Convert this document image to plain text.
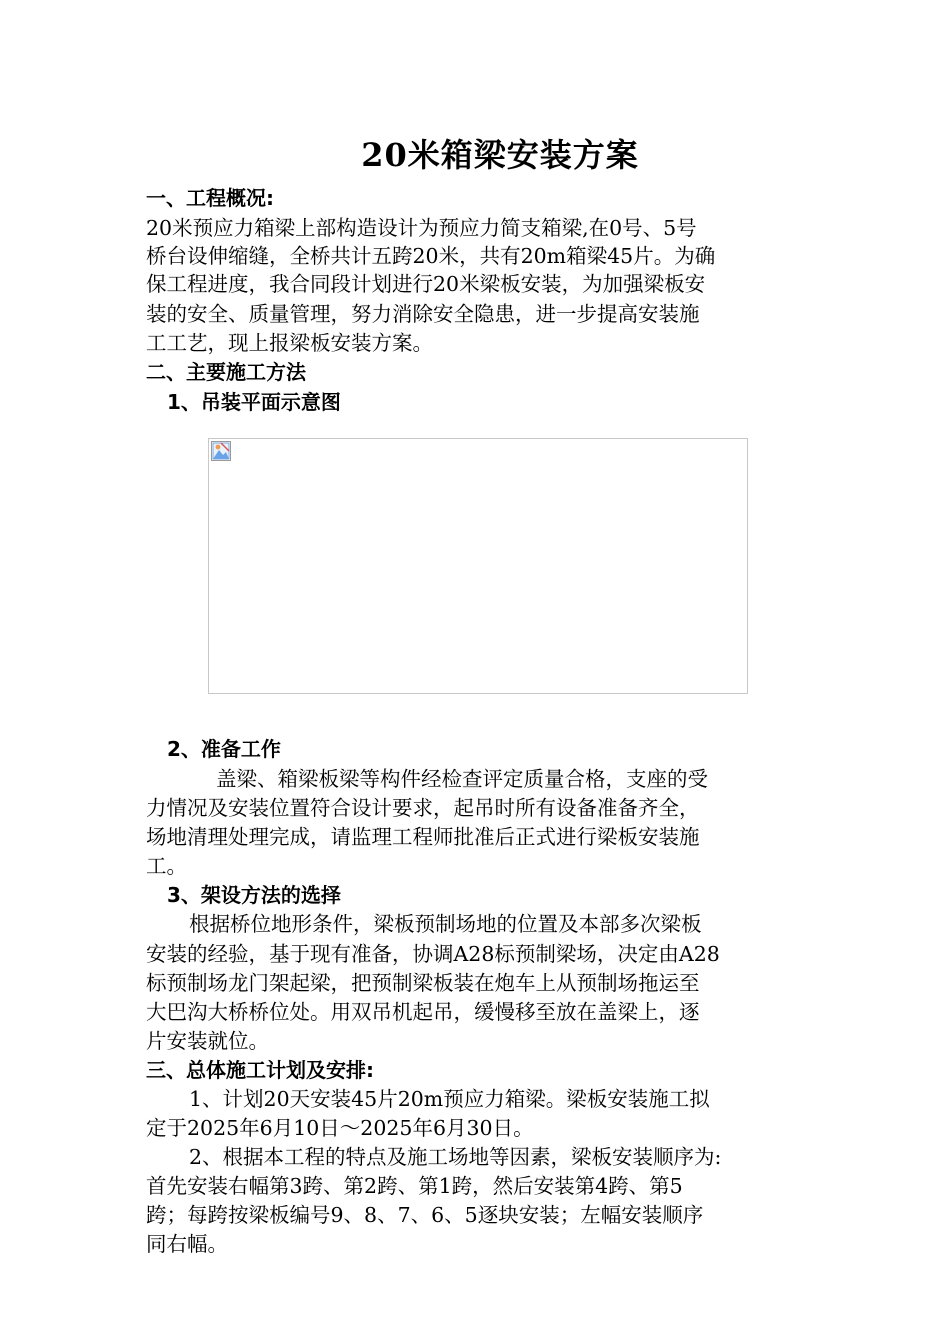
20米箱梁安装方案
一、工程概况:
20米预应力箱梁上部构造设计为预应力简支箱梁,在0号、5号
桥台设伸缩缝，全桥共计五跨20米，共有20m箱梁45片。为确
保工程进度，我合同段计划进行20米梁板安装，为加强梁板安
装的安全、质量管理，努力消除安全隐患，进一步提高安装施
工工艺，现上报梁板安装方案。
二、主要施工方法
1、吊装平面示意图
2、准备工作
盖梁、箱梁板梁等构件经检查评定质量合格，支座的受
力情况及安装位置符合设计要求，起吊时所有设备准备齐全，
场地清理处理完成，请监理工程师批准后正式进行梁板安装施
工。
3、架设方法的选择
根据桥位地形条件，梁板预制场地的位置及本部多次梁板
安装的经验，基于现有准备，协调A28标预制梁场，决定由A28
标预制场龙门架起梁，把预制梁板装在炮车上从预制场拖运至
大巴沟大桥桥位处。用双吊机起吊，缓慢移至放在盖梁上，逐
片安装就位。
三、总体施工计划及安排:
1、计划20天安装45片20m预应力箱梁。梁板安装施工拟
定于2025年6月10日～2025年6月30日。
2、根据本工程的特点及施工场地等因素，梁板安装顺序为:
首先安装右幅第3跨、第2跨、第1跨，然后安装第4跨、第5
跨；每跨按梁板编号9、8、7、6、5逐块安装；左幅安装顺序
同右幅。
